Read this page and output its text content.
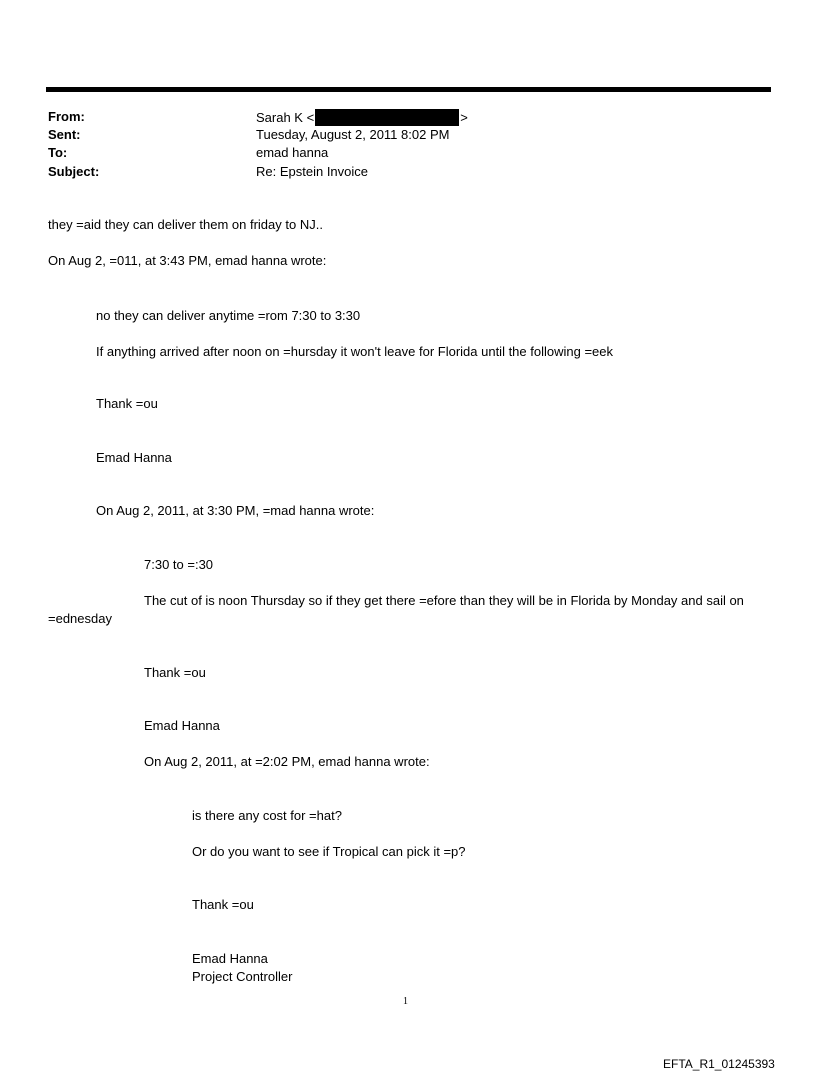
From:	Sarah K <	>
Sent:	Tuesday, August 2, 2011 8:02 PM
To:	emad hanna
Subject:	Re: Epstein Invoice
they =aid they can deliver them on friday to NJ..
On Aug 2, =011, at 3:43 PM, emad hanna wrote:
no they can deliver anytime =rom 7:30 to 3:30
If anything arrived after noon on =hursday it won't leave for Florida until the following =eek
Thank =ou
Emad Hanna
On Aug 2, 2011, at 3:30 PM, =mad hanna wrote:
7:30 to =:30
The cut of is noon Thursday so if they get there =efore than they will be in Florida by Monday and sail on
=ednesday
Thank =ou
Emad Hanna
On Aug 2, 2011, at =2:02 PM, emad hanna wrote:
is there any cost for =hat?
Or do you want to see if Tropical can pick it =p?
Thank =ou
Emad Hanna
Project Controller
1
EFTA_R1_01245393
